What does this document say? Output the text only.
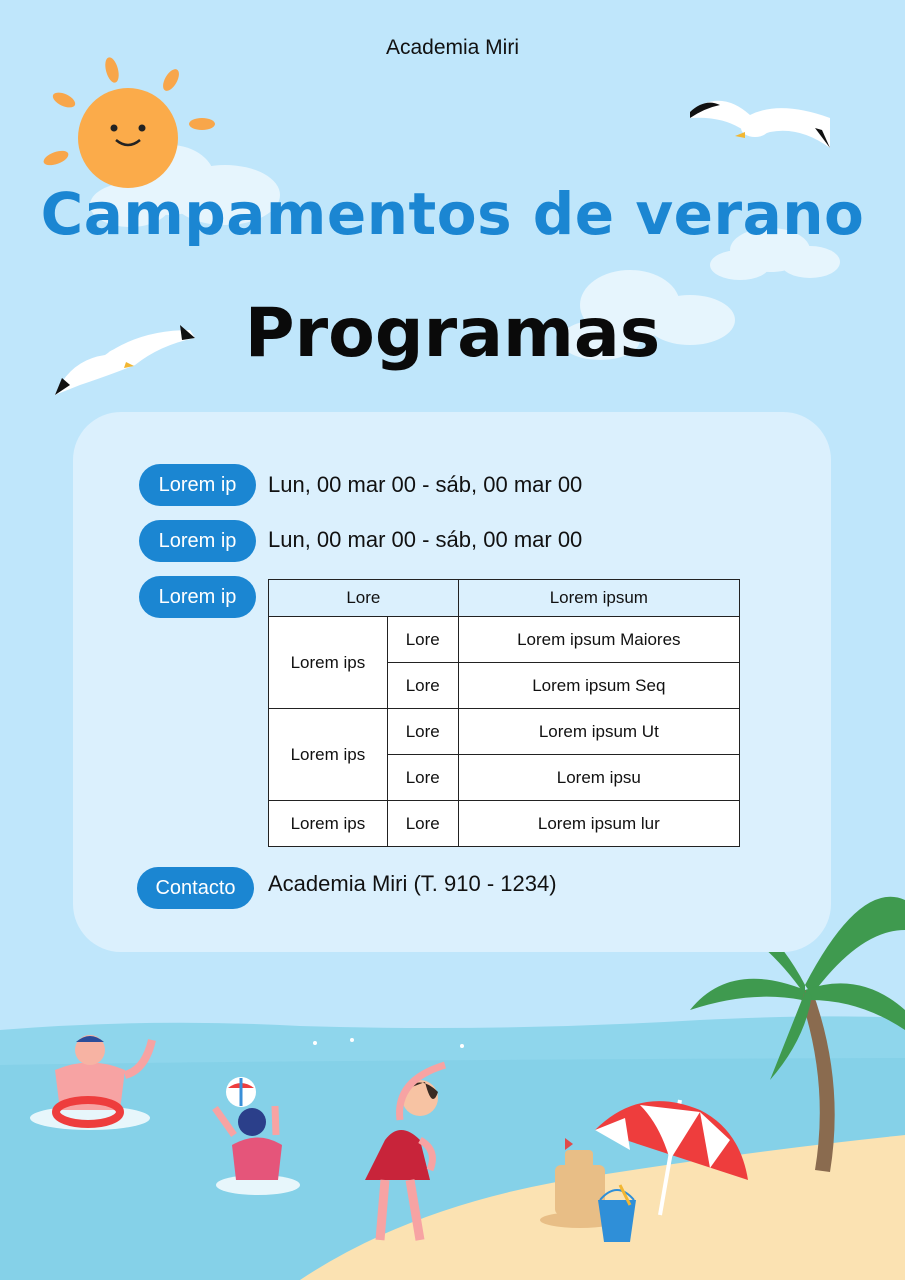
Academia Miri
Campamentos de verano
Programas
Lorem ip	Lun, 00 mar 00 - sáb, 00 mar 00
Lorem ip	Lun, 00 mar 00 - sáb, 00 mar 00
Lorem ip	Lore		Lorem ipsum
Lorem ips	Lore	Lorem ipsum Maiores
	Lore	Lorem ipsum Seq
Lorem ips	Lore	Lorem ipsum Ut
	Lore	Lorem ipsu
Lorem ips	Lore	Lorem ipsum lur
Contacto	Academia Miri (T. 910 - 1234)
